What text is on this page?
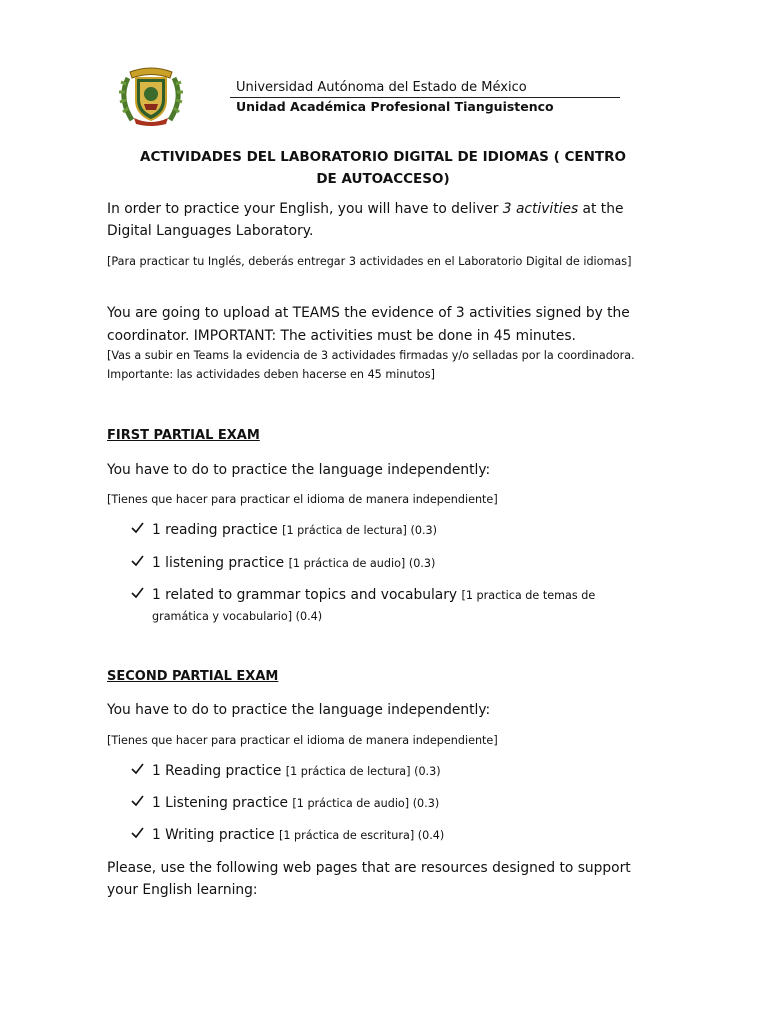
Universidad Autónoma del Estado de México
Unidad Académica Profesional Tianguistenco
ACTIVIDADES DEL LABORATORIO DIGITAL DE IDIOMAS ( CENTRO DE AUTOACCESO)
In order to practice your English, you will have to deliver 3 activities at the Digital Languages Laboratory.
[Para practicar tu Inglés, deberás entregar 3 actividades en el Laboratorio Digital de idiomas]
You are going to upload at TEAMS the evidence of 3 activities signed by the coordinator. IMPORTANT: The activities must be done in 45 minutes.
[Vas a subir en Teams la evidencia de 3 actividades firmadas y/o selladas por la coordinadora. Importante: las actividades deben hacerse en 45 minutos]
FIRST PARTIAL EXAM
You have to do to practice the language independently:
[Tienes que hacer para practicar el idioma de manera independiente]
1 reading practice [1 práctica de lectura] (0.3)
1 listening practice [1 práctica de audio] (0.3)
1 related to grammar topics and vocabulary [1 practica de temas de gramática y vocabulario] (0.4)
SECOND PARTIAL EXAM
You have to do to practice the language independently:
[Tienes que hacer para practicar el idioma de manera independiente]
1 Reading practice [1 práctica de lectura] (0.3)
1 Listening practice [1 práctica de audio] (0.3)
1 Writing practice [1 práctica de escritura] (0.4)
Please, use the following web pages that are resources designed to support your English learning:
